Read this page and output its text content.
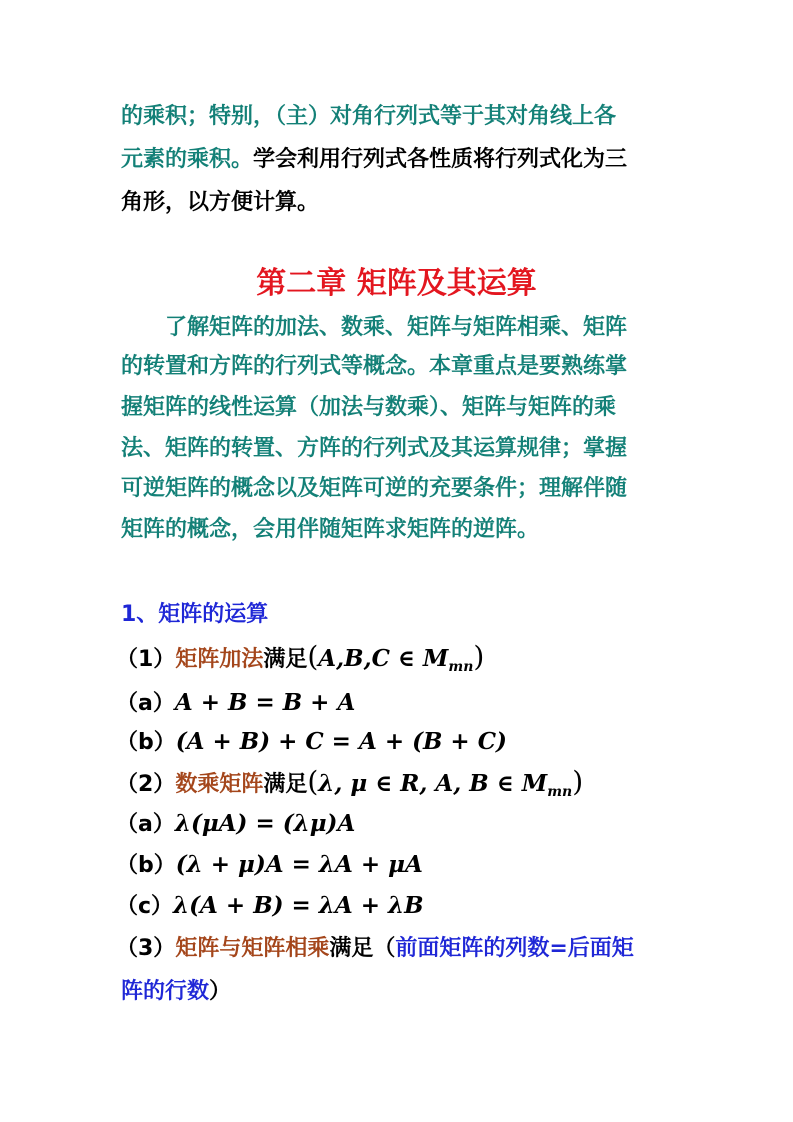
的乘积；特别，（主）对角行列式等于其对角线上各
元素的乘积。学会利用行列式各性质将行列式化为三
角形，以方便计算。
第二章 矩阵及其运算
　　了解矩阵的加法、数乘、矩阵与矩阵相乘、矩阵
的转置和方阵的行列式等概念。本章重点是要熟练掌
握矩阵的线性运算（加法与数乘）、矩阵与矩阵的乘
法、矩阵的转置、方阵的行列式及其运算规律；掌握
可逆矩阵的概念以及矩阵可逆的充要条件；理解伴随
矩阵的概念，会用伴随矩阵求矩阵的逆阵。
1、矩阵的运算
（1）矩阵加法满足(A,B,C ∈ $M_{mn}$)
（a）A + B = B + A
（b）(A + B) + C = A + (B + C)
（2）数乘矩阵满足(λ, μ ∈ R, A, B ∈ $M_{mn}$)
（a）λ(μA) = (λμ)A
（b）(λ + μ)A = λA + μA
（c）λ(A + B) = λA + λB
（3）矩阵与矩阵相乘满足（前面矩阵的列数=后面矩
阵的行数）
